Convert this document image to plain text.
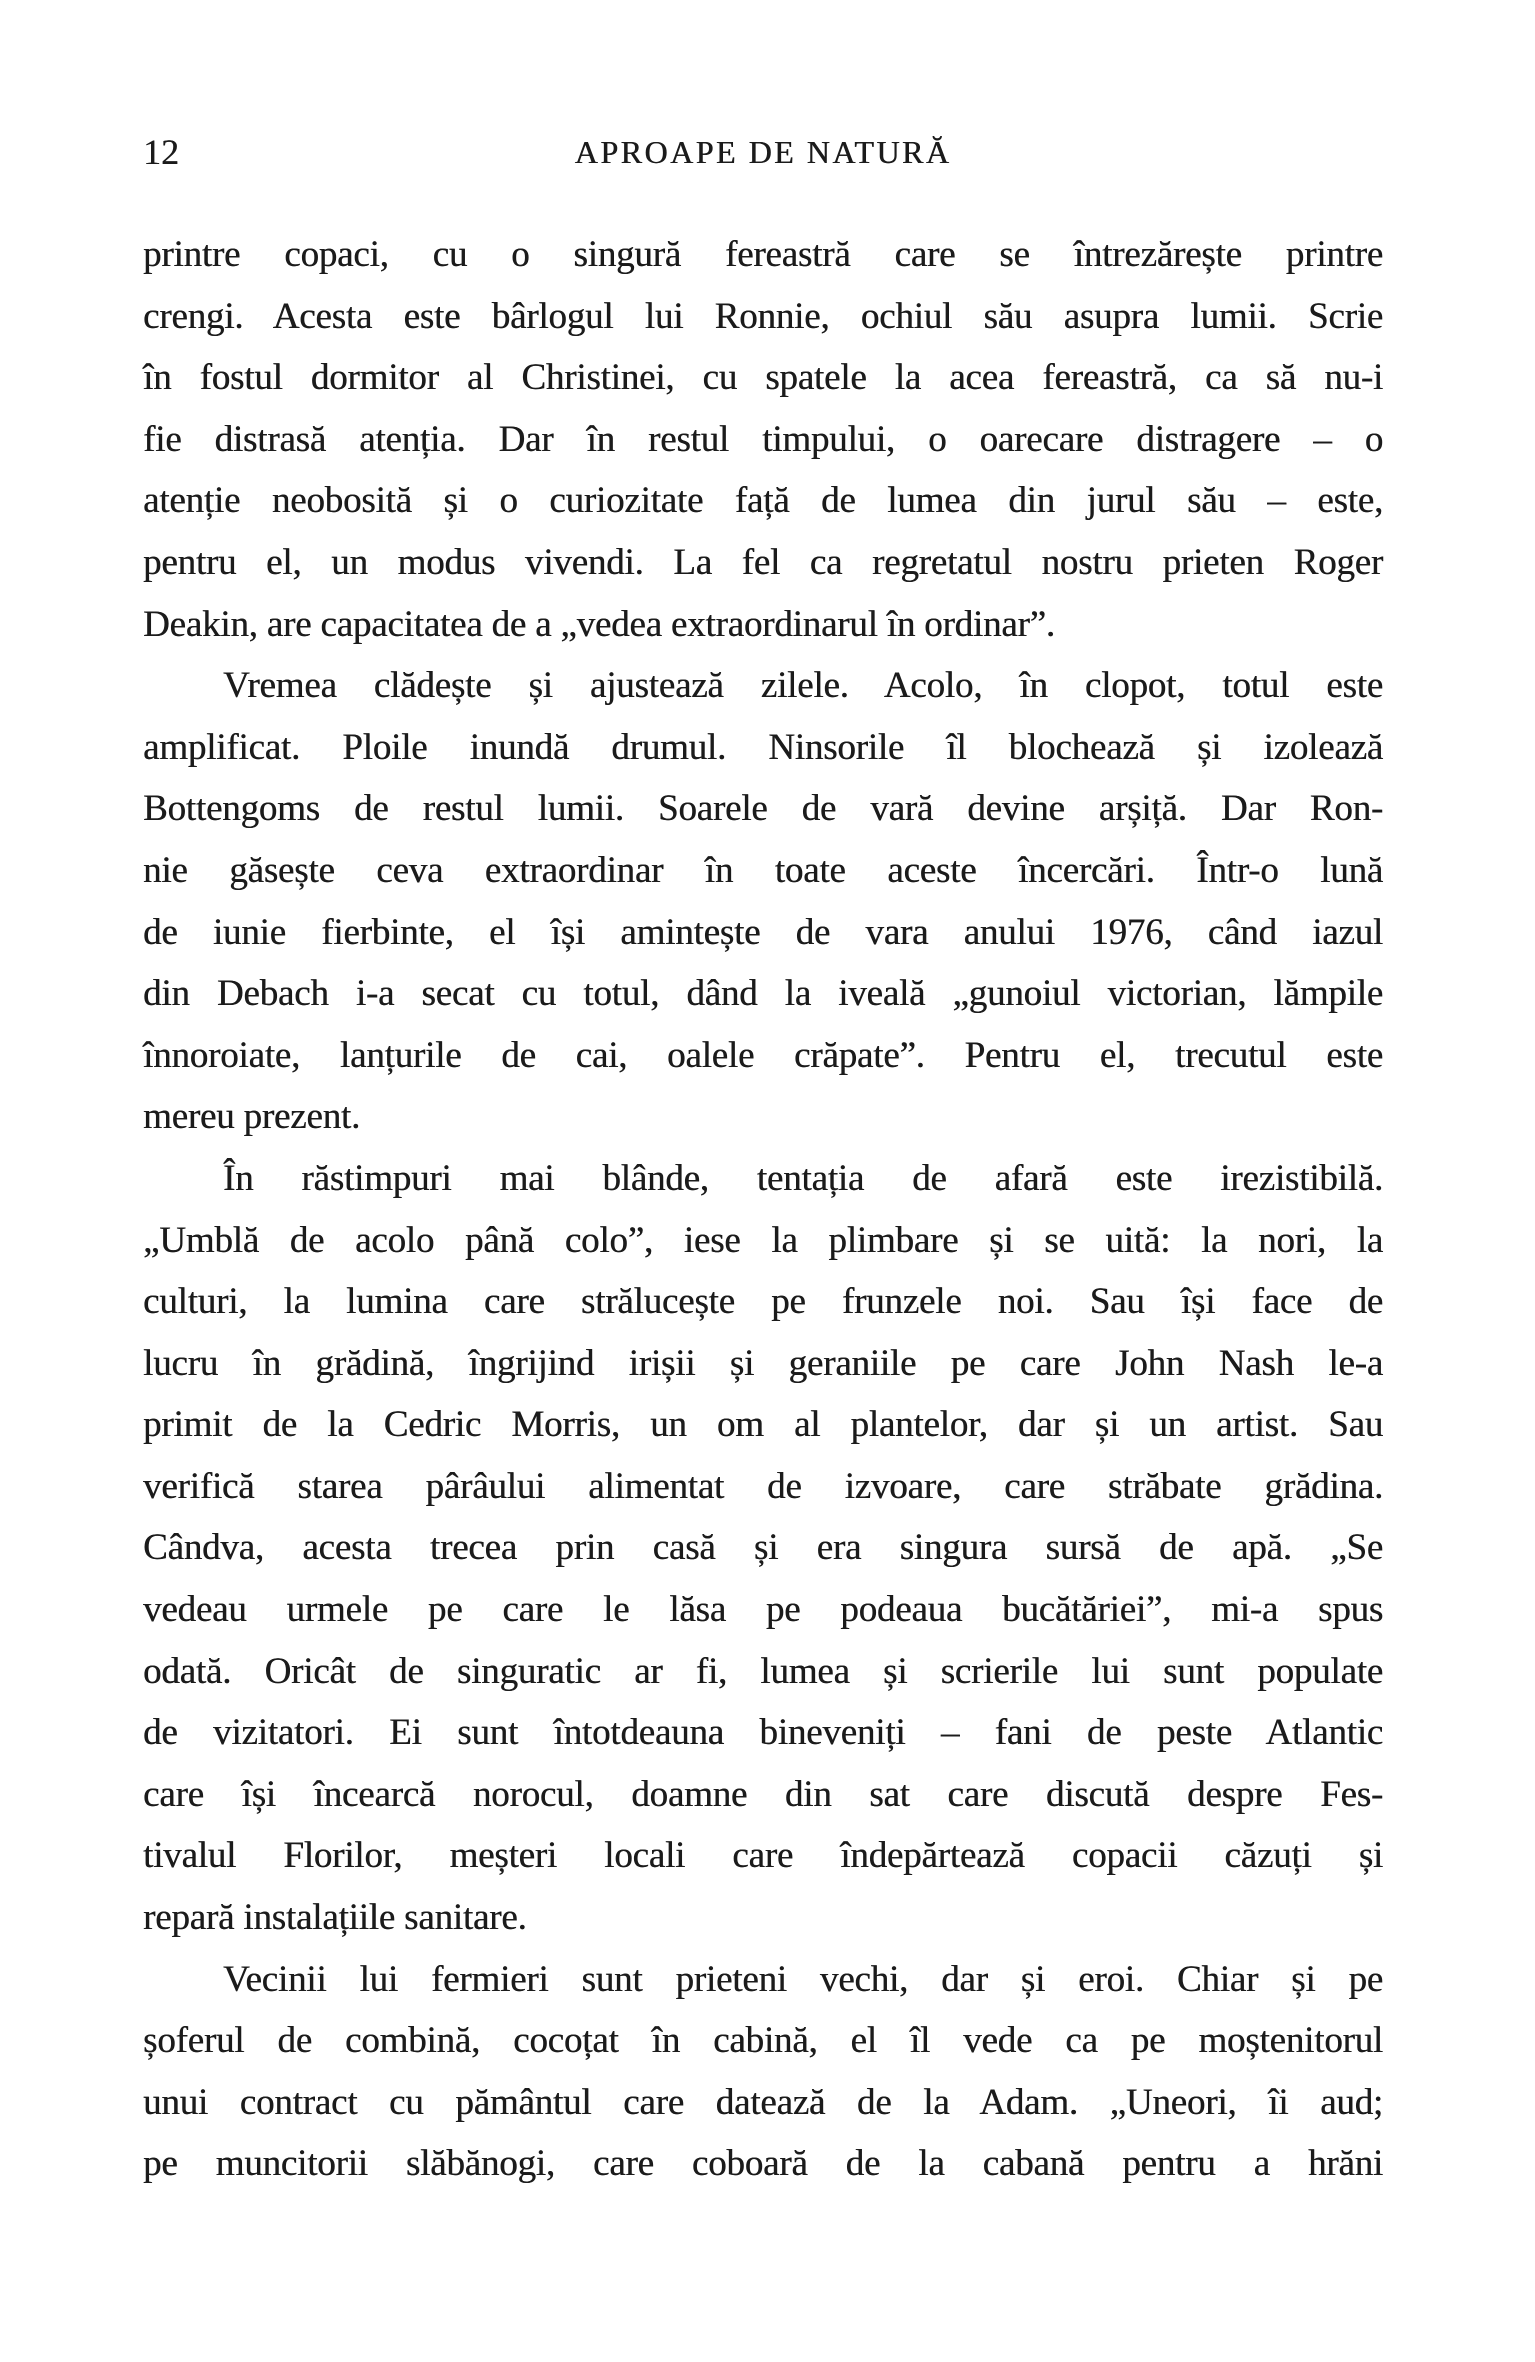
12	APROAPE DE NATURĂ
printre copaci, cu o singură fereastră care se întrezărește printre
crengi. Acesta este bârlogul lui Ronnie, ochiul său asupra lumii. Scrie
în fostul dormitor al Christinei, cu spatele la acea fereastră, ca să nu-i
fie distrasă atenția. Dar în restul timpului, o oarecare distragere – o
atenție neobosită și o curiozitate față de lumea din jurul său – este,
pentru el, un modus vivendi. La fel ca regretatul nostru prieten Roger
Deakin, are capacitatea de a „vedea extraordinarul în ordinar”.
Vremea clădește și ajustează zilele. Acolo, în clopot, totul este
amplificat. Ploile inundă drumul. Ninsorile îl blochează și izolează
Bottengoms de restul lumii. Soarele de vară devine arșiță. Dar Ron-
nie găsește ceva extraordinar în toate aceste încercări. Într-o lună
de iunie fierbinte, el își amintește de vara anului 1976, când iazul
din Debach i-a secat cu totul, dând la iveală „gunoiul victorian, lămpile
înnoroiate, lanțurile de cai, oalele crăpate”. Pentru el, trecutul este
mereu prezent.
În răstimpuri mai blânde, tentația de afară este irezistibilă.
„Umblă de acolo până colo”, iese la plimbare și se uită: la nori, la
culturi, la lumina care strălucește pe frunzele noi. Sau își face de
lucru în grădină, îngrijind irișii și geraniile pe care John Nash le-a
primit de la Cedric Morris, un om al plantelor, dar și un artist. Sau
verifică starea pârâului alimentat de izvoare, care străbate grădina.
Cândva, acesta trecea prin casă și era singura sursă de apă. „Se
vedeau urmele pe care le lăsa pe podeaua bucătăriei”, mi-a spus
odată. Oricât de singuratic ar fi, lumea și scrierile lui sunt populate
de vizitatori. Ei sunt întotdeauna bineveniți – fani de peste Atlantic
care își încearcă norocul, doamne din sat care discută despre Fes-
tivalul Florilor, meșteri locali care îndepărtează copacii căzuți și
repară instalațiile sanitare.
Vecinii lui fermieri sunt prieteni vechi, dar și eroi. Chiar și pe
șoferul de combină, cocoțat în cabină, el îl vede ca pe moștenitorul
unui contract cu pământul care datează de la Adam. „Uneori, îi aud;
pe muncitorii slăbănogi, care coboară de la cabană pentru a hrăni
